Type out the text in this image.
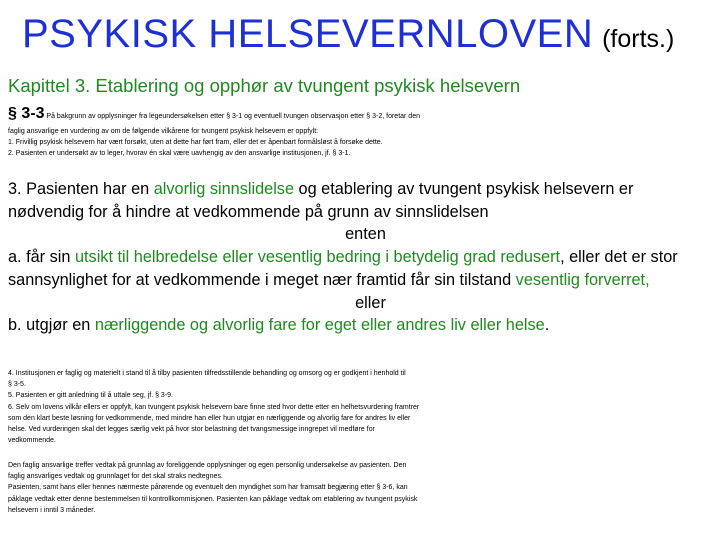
PSYKISK HELSEVERNLOVEN (forts.)
Kapittel 3. Etablering og opphør av tvungent psykisk helsevern
§ 3-3 På bakgrunn av opplysninger fra legeundersøkelsen etter § 3-1 og eventuell tvungen observasjon etter § 3-2, foretar den

faglig ansvarlige en vurdering av om de følgende vilkårene for tvungent psykisk helsevern er oppfylt:

1. Frivillig psykisk helsevern har vært forsøkt, uten at dette har ført fram, eller det er åpenbart formålsløst å forsøke dette.

2. Pasienten er undersøkt av to leger, hvorav én skal være uavhengig av den ansvarlige institusjonen, jf. § 3-1.

3. Pasienten har en alvorlig sinnslidelse og etablering av tvungent psykisk helsevern er nødvendig for å hindre at vedkommende på grunn av sinnslidelsen

enten

a. får sin utsikt til helbredelse eller vesentlig bedring i betydelig grad redusert, eller det er stor sannsynlighet for at vedkommende i meget nær framtid får sin tilstand vesentlig forverret,

eller

b. utgjør en nærliggende og alvorlig fare for eget eller andres liv eller helse.

4. Institusjonen er faglig og materielt i stand til å tilby pasienten tilfredsstillende behandling og omsorg og er godkjent i henhold til

§ 3-5.

5. Pasienten er gitt anledning til å uttale seg, jf. § 3-9.

6. Selv om lovens vilkår ellers er oppfylt, kan tvungent psykisk helsevern bare finne sted hvor dette etter en helhetsvurdering framtrer

som den klart beste løsning for vedkommende, med mindre han eller hun utgjør en nærliggende og alvorlig fare for andres liv eller

helse. Ved vurderingen skal det legges særlig vekt på hvor stor belastning det tvangsmessige inngrepet vil medføre for

vedkommende.

Den faglig ansvarlige treffer vedtak på grunnlag av foreliggende opplysninger og egen personlig undersøkelse av pasienten. Den

faglig ansvarliges vedtak og grunnlaget for det skal straks nedtegnes.

Pasienten, samt hans eller hennes nærmeste pårørende og eventuelt den myndighet som har framsatt begjæring etter § 3-6, kan

påklage vedtak etter denne bestemmelsen til kontrollkommisjonen. Pasienten kan påklage vedtak om etablering av tvungent psykisk

helsevern i inntil 3 måneder.
